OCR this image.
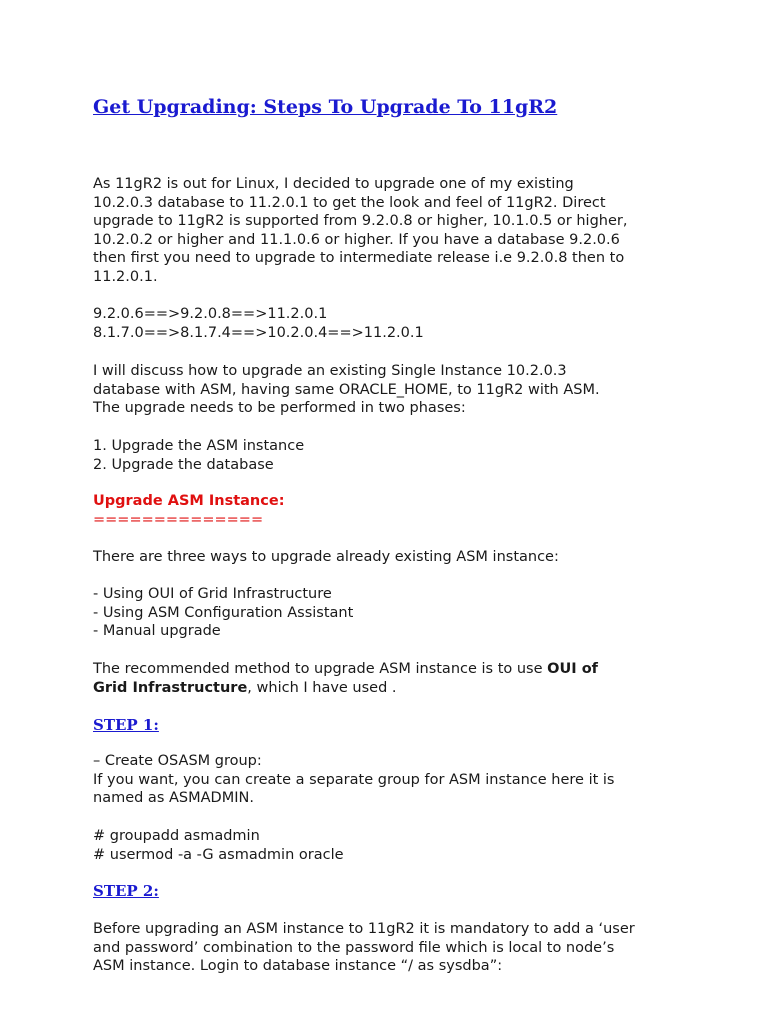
Get Upgrading: Steps To Upgrade To 11gR2
As 11gR2 is out for Linux, I decided to upgrade one of my existing
10.2.0.3 database to 11.2.0.1 to get the look and feel of 11gR2. Direct
upgrade to 11gR2 is supported from 9.2.0.8 or higher, 10.1.0.5 or higher,
10.2.0.2 or higher and 11.1.0.6 or higher. If you have a database 9.2.0.6
then first you need to upgrade to intermediate release i.e 9.2.0.8 then to
11.2.0.1.
9.2.0.6==>9.2.0.8==>11.2.0.1
8.1.7.0==>8.1.7.4==>10.2.0.4==>11.2.0.1
I will discuss how to upgrade an existing Single Instance 10.2.0.3
database with ASM, having same ORACLE_HOME, to 11gR2 with ASM.
The upgrade needs to be performed in two phases:
1. Upgrade the ASM instance
2. Upgrade the database
Upgrade ASM Instance:
==============
There are three ways to upgrade already existing ASM instance:
- Using OUI of Grid Infrastructure
- Using ASM Configuration Assistant
- Manual upgrade
The recommended method to upgrade ASM instance is to use OUI of
Grid Infrastructure, which I have used .
STEP 1:
– Create OSASM group:
If you want, you can create a separate group for ASM instance here it is
named as ASMADMIN.
# groupadd asmadmin
# usermod -a -G asmadmin oracle
STEP 2:
Before upgrading an ASM instance to 11gR2 it is mandatory to add a ‘user
and password’ combination to the password file which is local to node’s
ASM instance. Login to database instance “/ as sysdba”:
